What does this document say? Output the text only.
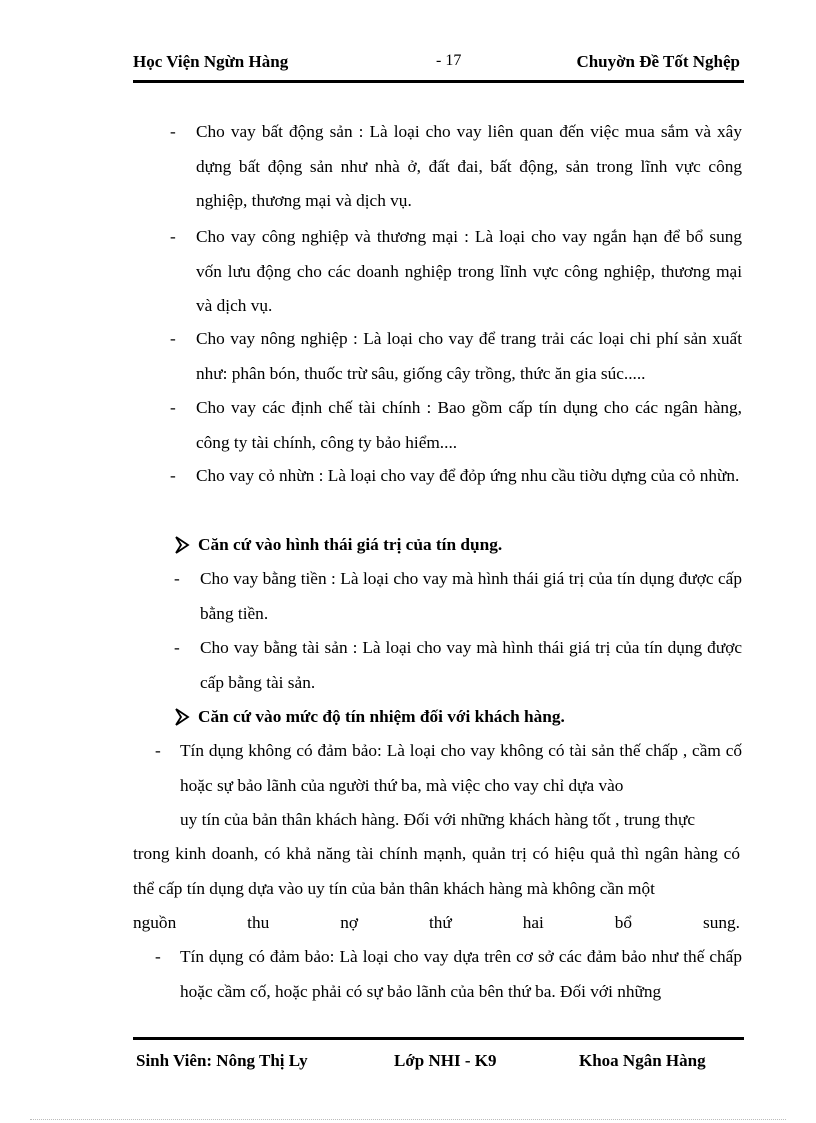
Học Viện Ngừn Hàng	- 17	Chuyờn Đề Tốt Nghệp
- Cho vay bất động sản : Là loại cho vay liên quan đến việc mua sắm và xây dựng bất động sản như nhà ở, đất đai, bất động, sản trong lĩnh vực công nghiệp, thương mại và dịch vụ.
- Cho vay công nghiệp và thương mại : Là loại cho vay ngắn hạn để bổ sung vốn lưu động cho các doanh nghiệp trong lĩnh vực công nghiệp, thương mại và dịch vụ.
- Cho vay nông nghiệp : Là loại cho vay để trang trải các loại chi phí sản xuất như: phân bón, thuốc trừ sâu, giống cây trồng, thức ăn gia súc.....
- Cho vay các định chế tài chính : Bao gồm cấp tín dụng cho các ngân hàng, công ty tài chính, công ty bảo hiểm....
- Cho vay cỏ nhừn : Là loại cho vay để đỏp ứng nhu cầu tiờu dựng của cỏ nhừn.
Căn cứ vào hình thái giá trị của tín dụng.
- Cho vay bằng tiền : Là loại cho vay mà hình thái giá trị của tín dụng được cấp bằng tiền.
- Cho vay bằng tài sản : Là loại cho vay mà hình thái giá trị của tín dụng được cấp bằng tài sản.
Căn cứ vào mức độ tín nhiệm đối với khách hàng.
- Tín dụng không có đảm bảo: Là loại cho vay không có tài sản thế chấp , cầm cố hoặc sự bảo lãnh của người thứ ba, mà việc cho vay chỉ dựa vào
uy tín của bản thân khách hàng. Đối với những khách hàng tốt , trung thực
trong kinh doanh, có khả năng tài chính mạnh, quản trị có hiệu quả thì ngân hàng có thể cấp tín dụng dựa vào uy tín của bản thân khách hàng mà không cần một
nguồn thu nợ thứ hai bổ sung.
- Tín dụng có đảm bảo: Là loại cho vay dựa trên cơ sở các đảm bảo như thế chấp hoặc cầm cố, hoặc phải có sự bảo lãnh của bên thứ ba. Đối với những
Sinh Viên: Nông Thị Ly	Lớp NHI - K9	Khoa Ngân Hàng
